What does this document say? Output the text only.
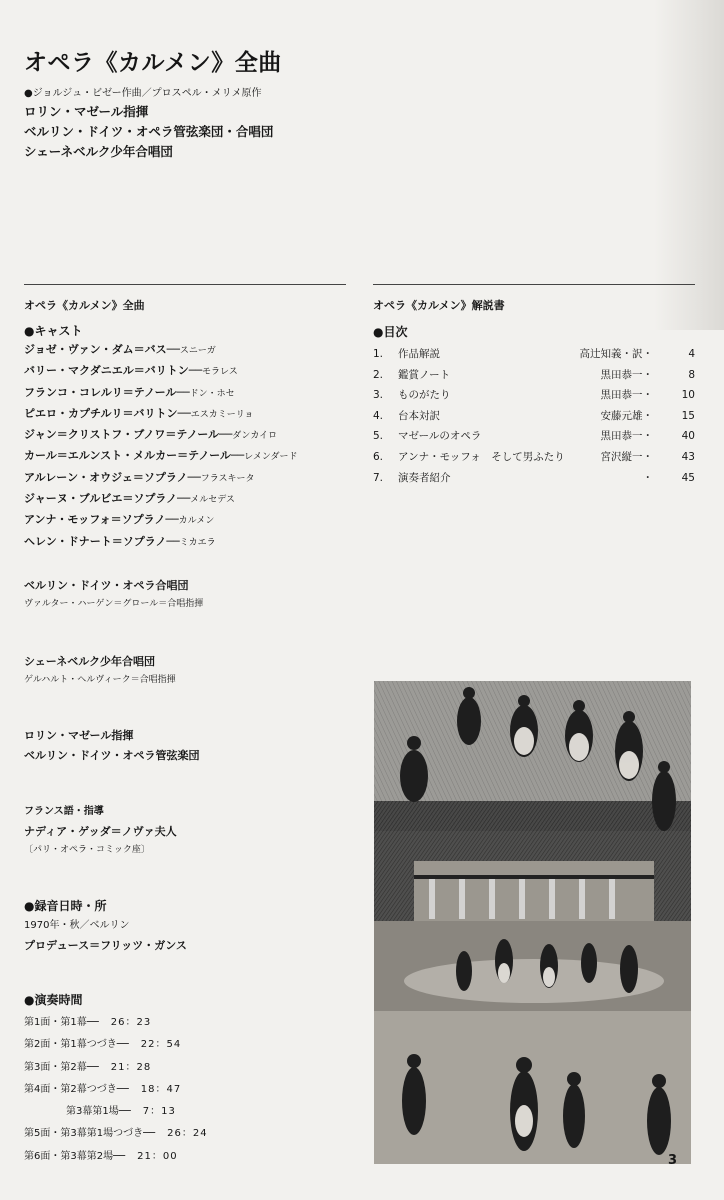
オペラ《カルメン》全曲
●ジョルジュ・ビゼー作曲／プロスペル・メリメ原作
ロリン・マゼール指揮
ベルリン・ドイツ・オペラ管弦楽団・合唱団
シェーネベルク少年合唱団
オペラ《カルメン》全曲	オペラ《カルメン》解説書
●キャスト
ジョゼ・ヴァン・ダム＝バス──スニーガ
バリー・マクダニエル＝バリトン──モラレス
フランコ・コレルリ＝テノール──ドン・ホセ
ピエロ・カプチルリ＝バリトン──エスカミーリョ
ジャン＝クリストフ・ブノワ＝テノール──ダンカイロ
カール＝エルンスト・メルカー＝テノール──レメンダード
アルレーン・オウジェ＝ソプラノ──フラスキータ
ジャーヌ・ブルビエ＝ソプラノ──メルセデス
アンナ・モッフォ＝ソプラノ──カルメン
ヘレン・ドナート＝ソプラノ──ミカエラ
ベルリン・ドイツ・オペラ合唱団
ヴァルター・ハーゲン＝グロール＝合唱指揮
シェーネベルク少年合唱団
ゲルハルト・ヘルヴィーク＝合唱指揮
ロリン・マゼール指揮
ベルリン・ドイツ・オペラ管弦楽団
フランス語・指導
ナディア・ゲッダ＝ノヴァ夫人
〔パリ・オペラ・コミック座〕
●録音日時・所
1970年・秋／ベルリン
プロデュース＝フリッツ・ガンス
●演奏時間
第1面・第1幕── 26：23
第2面・第1幕つづき── 22：54
第3面・第2幕── 21：28
第4面・第2幕つづき── 18：47
第3幕第1場── 7：13
第5面・第3幕第1場つづき── 26：24
第6面・第3幕第2場── 21：00
●目次
1.	作品解説	高辻知義・訳・	4
2.	鑑賞ノート	黒田恭一・	8
3.	ものがたり	黒田恭一・	10
4.	台本対訳	安藤元雄・	15
5.	マゼールのオペラ	黒田恭一・	40
6.	アンナ・モッフォ　そして男ふたり	宮沢縦一・	43
7.	演奏者紹介	・	45
3
